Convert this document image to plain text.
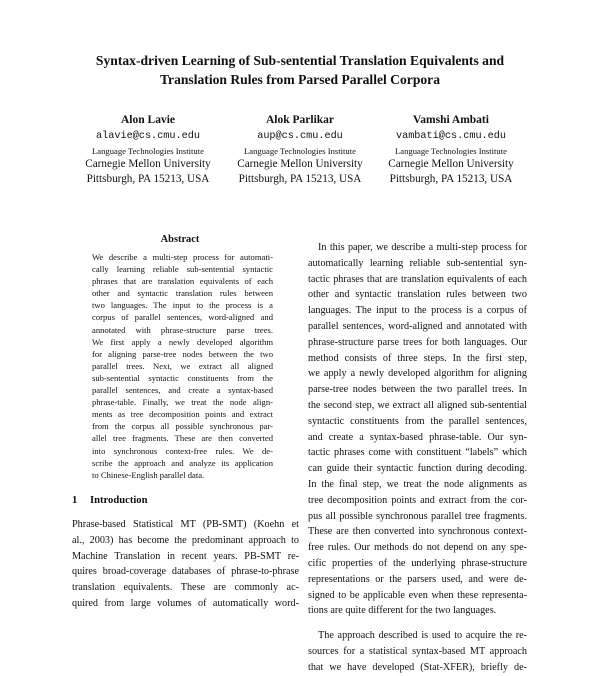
Syntax-driven Learning of Sub-sentential Translation Equivalents and
Translation Rules from Parsed Parallel Corpora
Alon Lavie
alavie@cs.cmu.edu
Language Technologies Institute
Carnegie Mellon University
Pittsburgh, PA 15213, USA
Alok Parlikar
aup@cs.cmu.edu
Language Technologies Institute
Carnegie Mellon University
Pittsburgh, PA 15213, USA
Vamshi Ambati
vambati@cs.cmu.edu
Language Technologies Institute
Carnegie Mellon University
Pittsburgh, PA 15213, USA
Abstract
We describe a multi-step process for automati-
cally learning reliable sub-sentential syntactic
phrases that are translation equivalents of each
other and syntactic translation rules between
two languages. The input to the process is a
corpus of parallel sentences, word-aligned and
annotated with phrase-structure parse trees.
We first apply a newly developed algorithm
for aligning parse-tree nodes between the two
parallel trees. Next, we extract all aligned
sub-sentential syntactic constituents from the
parallel sentences, and create a syntax-based
phrase-table. Finally, we treat the node align-
ments as tree decomposition points and extract
from the corpus all possible synchronous par-
allel tree fragments. These are then converted
into synchronous context-free rules. We de-
scribe the approach and analyze its application
to Chinese-English parallel data.
1 Introduction
Phrase-based Statistical MT (PB-SMT) (Koehn et
al., 2003) has become the predominant approach to
Machine Translation in recent years. PB-SMT re-
quires broad-coverage databases of phrase-to-phrase
translation equivalents. These are commonly ac-
quired from large volumes of automatically word-
In this paper, we describe a multi-step process for
automatically learning reliable sub-sentential syn-
tactic phrases that are translation equivalents of each
other and syntactic translation rules between two
languages. The input to the process is a corpus of
parallel sentences, word-aligned and annotated with
phrase-structure parse trees for both languages. Our
method consists of three steps. In the first step,
we apply a newly developed algorithm for aligning
parse-tree nodes between the two parallel trees. In
the second step, we extract all aligned sub-sentential
syntactic constituents from the parallel sentences,
and create a syntax-based phrase-table. Our syn-
tactic phrases come with constituent “labels” which
can guide their syntactic function during decoding.
In the final step, we treat the node alignments as
tree decomposition points and extract from the cor-
pus all possible synchronous parallel tree fragments.
These are then converted into synchronous context-
free rules. Our methods do not depend on any spe-
cific properties of the underlying phrase-structure
representations or the parsers used, and were de-
signed to be applicable even when these representa-
tions are quite different for the two languages.
The approach described is used to acquire the re-
sources for a statistical syntax-based MT approach
that we have developed (Stat-XFER), briefly de-
